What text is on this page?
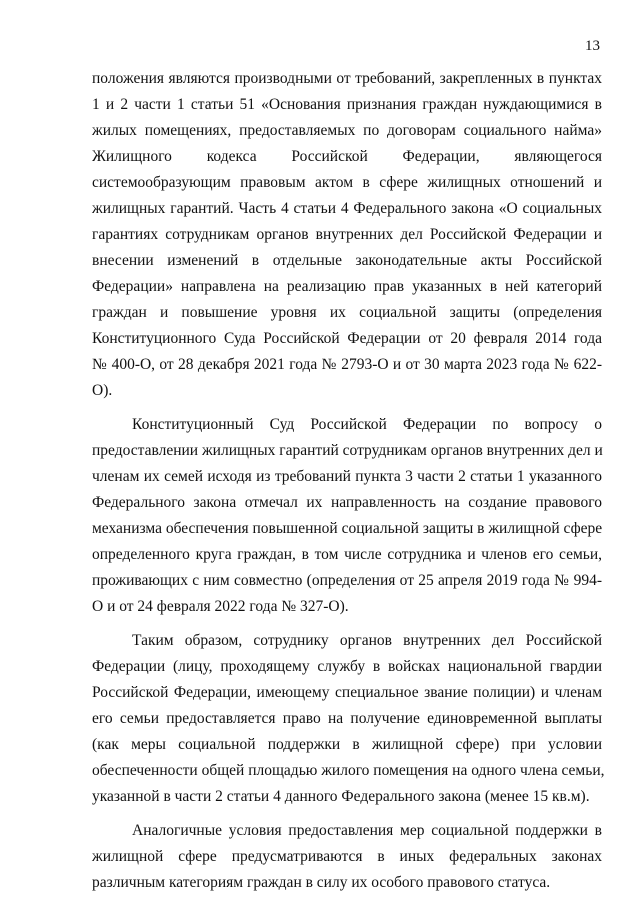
13
положения являются производными от требований, закрепленных в пунктах
1 и 2 части 1 статьи 51 «Основания признания граждан нуждающимися в
жилых помещениях, предоставляемых по договорам социального найма»
Жилищного кодекса Российской Федерации, являющегося
системообразующим правовым актом в сфере жилищных отношений и
жилищных гарантий. Часть 4 статьи 4 Федерального закона «О социальных
гарантиях сотрудникам органов внутренних дел Российской Федерации и
внесении изменений в отдельные законодательные акты Российской
Федерации» направлена на реализацию прав указанных в ней категорий
граждан и повышение уровня их социальной защиты (определения
Конституционного Суда Российской Федерации от 20 февраля 2014 года
№ 400-О, от 28 декабря 2021 года № 2793-О и от 30 марта 2023 года № 622-
О).
Конституционный Суд Российской Федерации по вопросу о
предоставлении жилищных гарантий сотрудникам органов внутренних дел и
членам их семей исходя из требований пункта 3 части 2 статьи 1 указанного
Федерального закона отмечал их направленность на создание правового
механизма обеспечения повышенной социальной защиты в жилищной сфере
определенного круга граждан, в том числе сотрудника и членов его семьи,
проживающих с ним совместно (определения от 25 апреля 2019 года № 994-
О и от 24 февраля 2022 года № 327-О).
Таким образом, сотруднику органов внутренних дел Российской
Федерации (лицу, проходящему службу в войсках национальной гвардии
Российской Федерации, имеющему специальное звание полиции) и членам
его семьи предоставляется право на получение единовременной выплаты
(как меры социальной поддержки в жилищной сфере) при условии
обеспеченности общей площадью жилого помещения на одного члена семьи,
указанной в части 2 статьи 4 данного Федерального закона (менее 15 кв.м).
Аналогичные условия предоставления мер социальной поддержки в
жилищной сфере предусматриваются в иных федеральных законах
различным категориям граждан в силу их особого правового статуса.
